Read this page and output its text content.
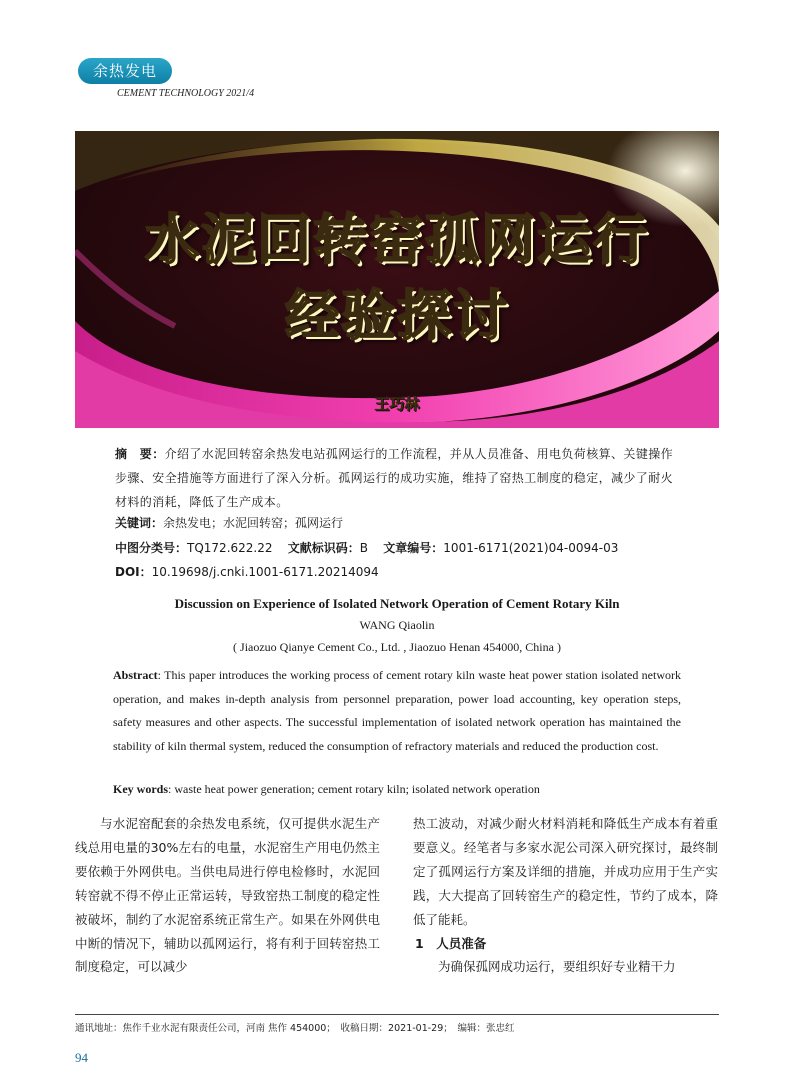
余热发电
CEMENT TECHNOLOGY 2021/4
水泥回转窑孤网运行
经验探讨
王巧林
摘　要：介绍了水泥回转窑余热发电站孤网运行的工作流程，并从人员准备、用电负荷核算、关键操作步骤、安全措施等方面进行了深入分析。孤网运行的成功实施，维持了窑热工制度的稳定，减少了耐火材料的消耗，降低了生产成本。
关键词：余热发电；水泥回转窑；孤网运行
中图分类号：TQ172.622.22 文献标识码：B 文章编号：1001-6171(2021)04-0094-03
DOI：10.19698/j.cnki.1001-6171.20214094
Discussion on Experience of Isolated Network Operation of Cement Rotary Kiln
WANG Qiaolin
( Jiaozuo Qianye Cement Co., Ltd. , Jiaozuo Henan 454000, China )
Abstract: This paper introduces the working process of cement rotary kiln waste heat power station isolated network operation, and makes in-depth analysis from personnel preparation, power load accounting, key operation steps, safety measures and other aspects. The successful implementation of isolated network operation has maintained the stability of kiln thermal system, reduced the consumption of refractory materials and reduced the production cost.
Key words: waste heat power generation; cement rotary kiln; isolated network operation

与水泥窑配套的余热发电系统，仅可提供水泥生产线总用电量的30%左右的电量，水泥窑生产用电仍然主要依赖于外网供电。当供电局进行停电检修时，水泥回转窑就不得不停止正常运转，导致窑热工制度的稳定性被破坏，制约了水泥窑系统正常生产。如果在外网供电中断的情况下，辅助以孤网运行，将有利于回转窑热工制度稳定，可以减少

热工波动，对减少耐火材料消耗和降低生产成本有着重要意义。经笔者与多家水泥公司深入研究探讨，最终制定了孤网运行方案及详细的措施，并成功应用于生产实践，大大提高了回转窑生产的稳定性，节约了成本，降低了能耗。

1　人员准备

为确保孤网成功运行，要组织好专业精干力

通讯地址：焦作千业水泥有限责任公司，河南 焦作 454000；　收稿日期：2021-01-29；　编辑：张忠红
94
